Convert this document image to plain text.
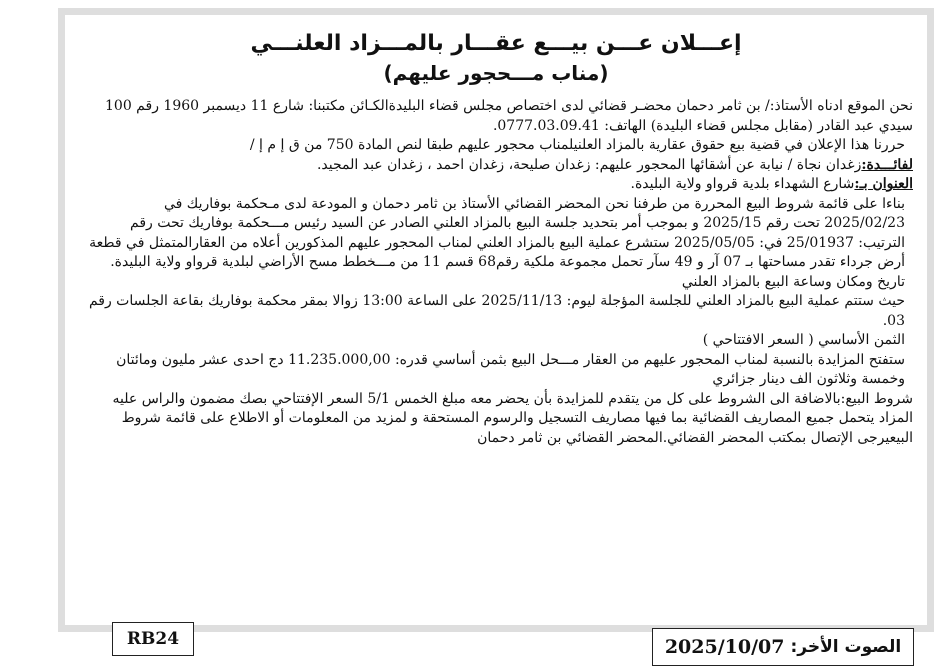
إعـــلان عـــن بيـــع عقـــار بالمـــزاد العلنـــي
(مناب مـــحجور عليهم)

نحن الموقع ادناه الأستاذ:/ بن ثامر دحمان محضـر قضائي لدى اختصاص مجلس قضاء البليدةالكـائن مكتبنا: شارع 11 ديسمبر 1960 رقم 100 سيدي عبد القادر (مقابل مجلس قضاء البليدة) الهاتف: 0777.03.09.41.

حررنا هذا الإعلان في قضية بيع حقوق عقارية بالمزاد العلنيلمناب محجور عليهم طبقا لنص المادة 750 من ق إ م إ /

لفائـــدة:زغدان نجاة / نيابة عن أشقائها المحجور عليهم: زغدان صليحة، زغدان احمد ، زغدان عبد المجيد.

العنوان بـ:شارع الشهداء بلدية قرواو ولاية البليدة.

بناءا على قائمة شروط البيع المحررة من طرفنا نحن المحضر القضائي الأستاذ بن ثامر دحمان و المودعة لدى مـحكمة بوفاريك في 2025/02/23 تحت رقم 2025/15 و بموجب أمر بتحديد جلسة البيع بالمزاد العلني الصادر عن السيد رئيس مـــحكمة بوفاريك تحت رقم الترتيب: 25/01937 في: 2025/05/05 ستشرع عملية البيع بالمزاد العلني لمناب المحجور عليهم المذكورين أعلاه من العقارالمتمثل في قطعة أرض جرداء تقدر مساحتها بـ 07 آر و 49 سآر تحمل مجموعة ملكية رقم68 قسم 11 من مـــخطط مسح الأراضي لبلدية قرواو ولاية البليدة.

تاريخ ومكان وساعة البيع بالمزاد العلني

حيث ستتم عملية البيع بالمزاد العلني للجلسة المؤجلة ليوم: 2025/11/13 على الساعة 13:00 زوالا بمقر محكمة بوفاريك بقاعة الجلسات رقم 03.

الثمن الأساسي ( السعر الافتتاحي )

ستفتح المزايدة بالنسبة لمناب المحجور عليهم من العقار مـــحل البيع بثمن أساسي قدره: 11.235.000,00 دج احدى عشر مليون ومائتان وخمسة وثلاثون الف دينار جزائري

شروط البيع:بالاضافة الى الشروط على كل من يتقدم للمزايدة بأن يحضر معه مبلغ الخمس 5/1 السعر الإفتتاحي بصك مضمون والراس عليه المزاد يتحمل جميع المصاريف القضائية بما فيها مصاريف التسجيل والرسوم المستحقة و لمزيد من المعلومات أو الاطلاع على قائمة شروط البيعيرجى الإتصال بمكتب المحضر القضائي.المحضر القضائي بن ثامر دحمان

RB24	الصوت الأخر:
2025/10/07
